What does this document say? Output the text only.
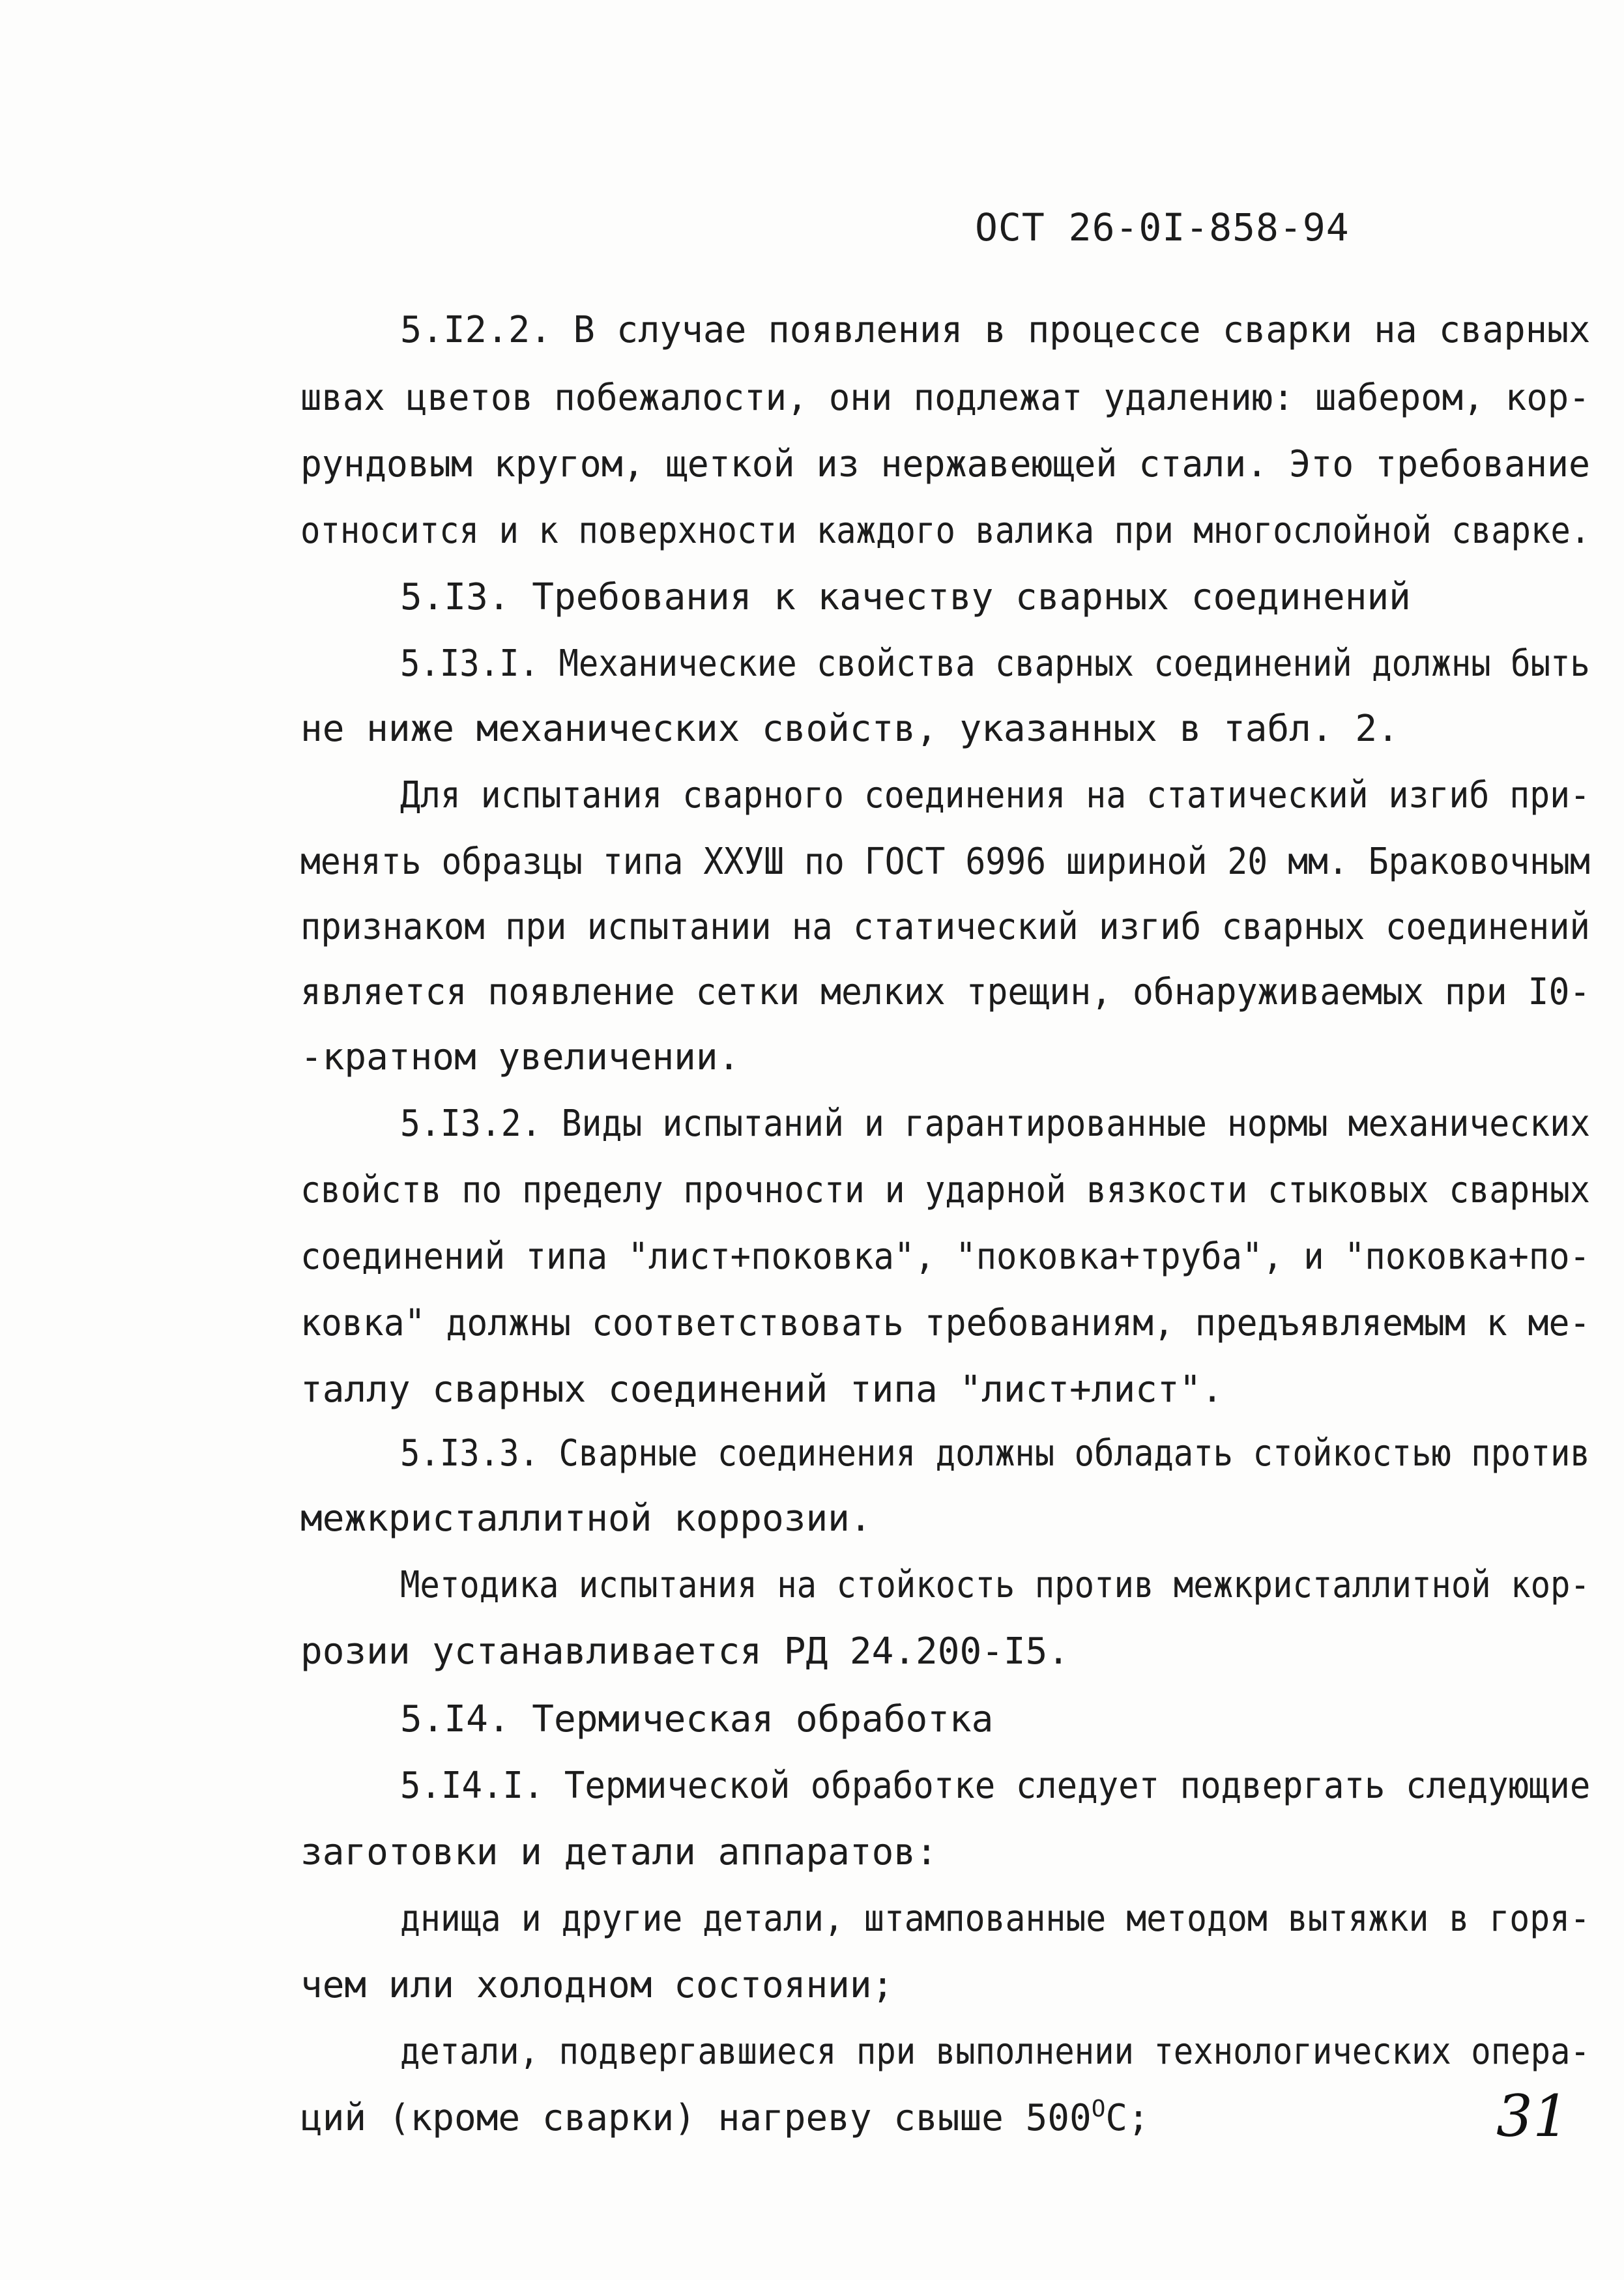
ОСТ 26-0I-858-94
5.I2.2. В случае появления в процессе сварки на сварных
швах цветов побежалости, они подлежат удалению: шабером, кор-
рундовым кругом, щеткой из нержавеющей стали. Это требование
относится и к поверхности каждого валика при многослойной сварке.
5.I3. Требования к качеству сварных соединений
5.I3.I. Механические свойства сварных соединений должны быть
не ниже механических свойств, указанных в табл. 2.
Для испытания сварного соединения на статический изгиб при-
менять образцы типа XXУШ по ГОСТ 6996 шириной 20 мм. Браковочным
признаком при испытании на статический изгиб сварных соединений
является появление сетки мелких трещин, обнаруживаемых при I0-
-кратном увеличении.
5.I3.2. Виды испытаний и гарантированные нормы механических
свойств по пределу прочности и ударной вязкости стыковых сварных
соединений типа "лист+поковка", "поковка+труба", и "поковка+по-
ковка" должны соответствовать требованиям, предъявляемым к ме-
таллу сварных соединений типа "лист+лист".
5.I3.3. Сварные соединения должны обладать стойкостью против
межкристаллитной коррозии.
Методика испытания на стойкость против межкристаллитной кор-
розии устанавливается РД 24.200-I5.
5.I4. Термическая обработка
5.I4.I. Термической обработке следует подвергать следующие
заготовки и детали аппаратов:
днища и другие детали, штампованные методом вытяжки в горя-
чем или холодном состоянии;
детали, подвергавшиеся при выполнении технологических опера-
ций (кроме сварки) нагреву свыше $500^ОС$;	31
